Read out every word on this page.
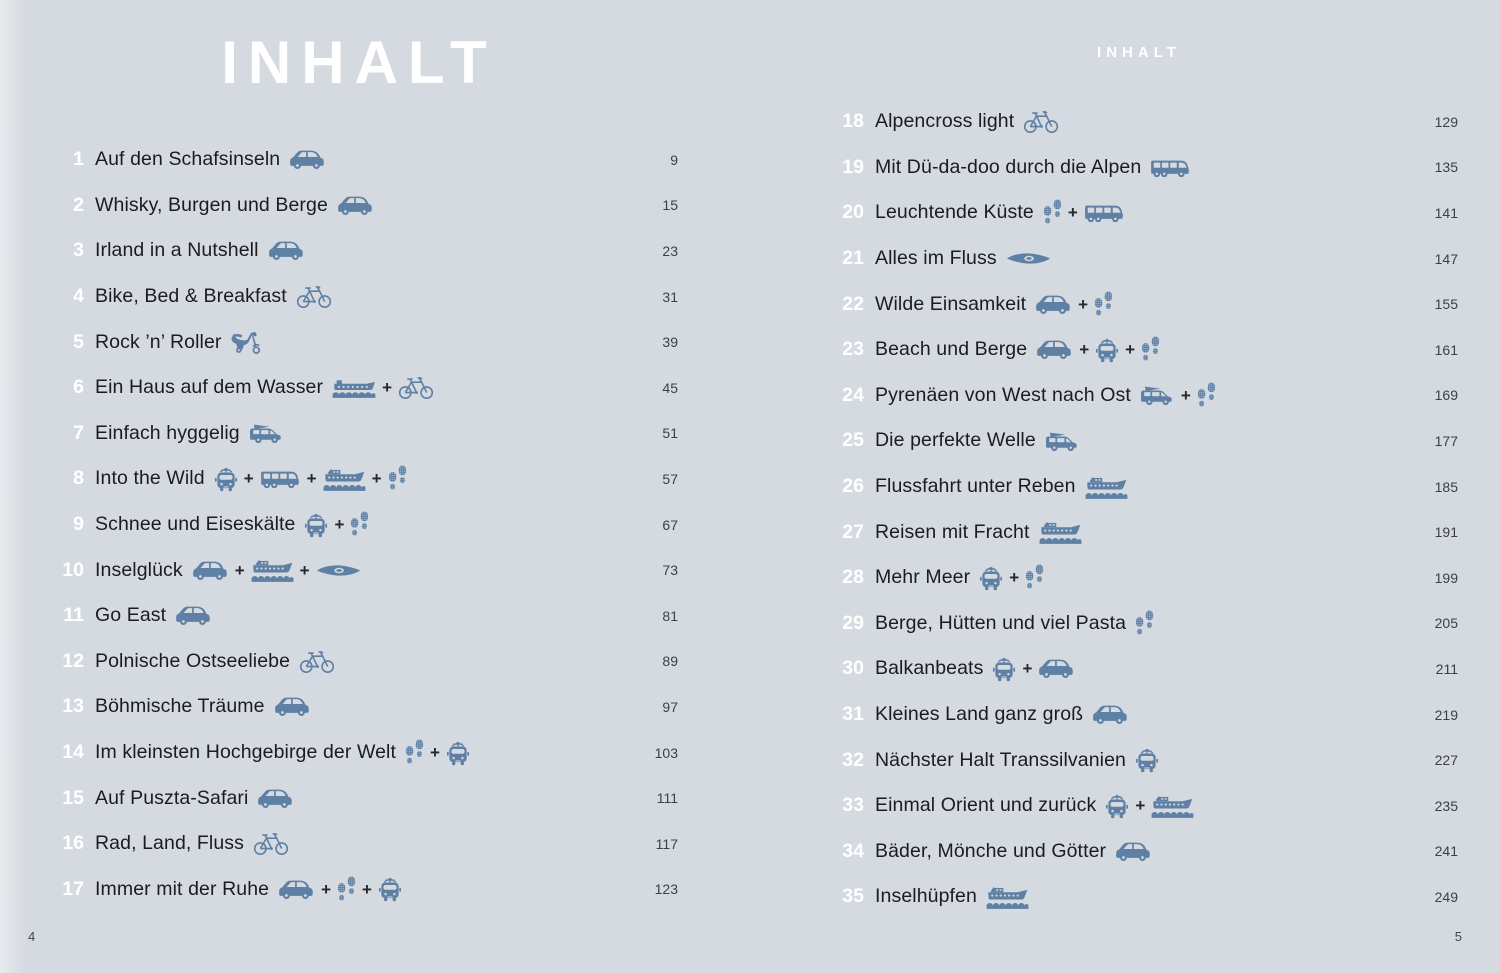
INHALT
1 Auf den Schafsinseln	9
2 Whisky, Burgen und Berge	15
3 Irland in a Nutshell	23
4 Bike, Bed & Breakfast	31
5 Rock ’n’ Roller	39
6 Ein Haus auf dem Wasser	+	45
7 Einfach hyggelig	51
8 Into the Wild +	+	+	57
9 Schnee und Eiseskälte +	67
10 Inselglück	+	+	73
11 Go East	81
12 Polnische Ostseeliebe	89
13 Böhmische Träume	97
14 Im kleinsten Hochgebirge der Welt +	103
15 Auf Puszta-Safari	111
16 Rad, Land, Fluss	117
17 Immer mit der Ruhe	+ +	123
4
INHALT
18 Alpencross light	129
19 Mit Dü-da-doo durch die Alpen	135
20 Leuchtende Küste +	141
21 Alles im Fluss	147
22 Wilde Einsamkeit	+	155
23 Beach und Berge	+ +	161
24 Pyrenäen von West nach Ost	+	169
25 Die perfekte Welle	177
26 Flussfahrt unter Reben	185
27 Reisen mit Fracht	191
28 Mehr Meer +	199
29 Berge, Hütten und viel Pasta	205
30 Balkanbeats +	211
31 Kleines Land ganz groß	219
32 Nächster Halt Transsilvanien	227
33 Einmal Orient und zurück +	235
34 Bäder, Mönche und Götter	241
35 Inselhüpfen	249
5
